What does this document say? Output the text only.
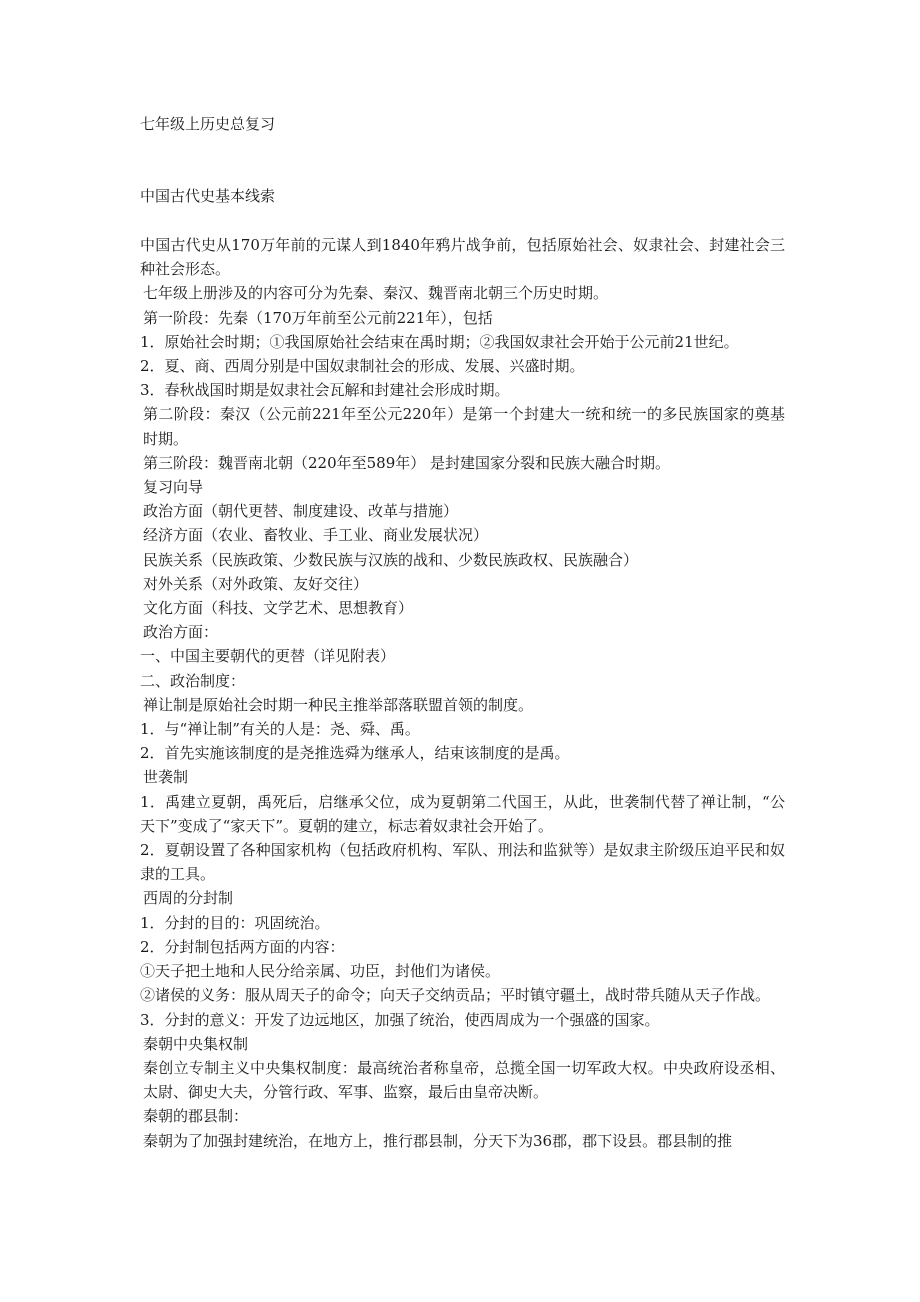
七年级上历史总复习
中国古代史基本线索

中国古代史从170万年前的元谋人到1840年鸦片战争前，包括原始社会、奴隶社会、封建社会三种社会形态。

七年级上册涉及的内容可分为先秦、秦汉、魏晋南北朝三个历史时期。

第一阶段：先秦（170万年前至公元前221年），包括

1．原始社会时期；①我国原始社会结束在禹时期；②我国奴隶社会开始于公元前21世纪。

2．夏、商、西周分别是中国奴隶制社会的形成、发展、兴盛时期。

3．春秋战国时期是奴隶社会瓦解和封建社会形成时期。

第二阶段：秦汉（公元前221年至公元220年）是第一个封建大一统和统一的多民族国家的奠基时期。

第三阶段：魏晋南北朝（220年至589年） 是封建国家分裂和民族大融合时期。

复习向导

政治方面（朝代更替、制度建设、改革与措施）

经济方面（农业、畜牧业、手工业、商业发展状况）

民族关系（民族政策、少数民族与汉族的战和、少数民族政权、民族融合）

对外关系（对外政策、友好交往）

文化方面（科技、文学艺术、思想教育）

政治方面：

一、中国主要朝代的更替（详见附表）

二、政治制度：

禅让制是原始社会时期一种民主推举部落联盟首领的制度。

1．与“禅让制”有关的人是：尧、舜、禹。

2．首先实施该制度的是尧推选舜为继承人，结束该制度的是禹。

世袭制

1．禹建立夏朝，禹死后，启继承父位，成为夏朝第二代国王，从此，世袭制代替了禅让制，“公天下”变成了“家天下”。夏朝的建立，标志着奴隶社会开始了。

2．夏朝设置了各种国家机构（包括政府机构、军队、刑法和监狱等）是奴隶主阶级压迫平民和奴隶的工具。

西周的分封制

1．分封的目的：巩固统治。

2．分封制包括两方面的内容：

①天子把土地和人民分给亲属、功臣，封他们为诸侯。

②诸侯的义务：服从周天子的命令；向天子交纳贡品；平时镇守疆土，战时带兵随从天子作战。

3．分封的意义：开发了边远地区，加强了统治，使西周成为一个强盛的国家。

秦朝中央集权制

秦创立专制主义中央集权制度：最高统治者称皇帝，总揽全国一切军政大权。中央政府设丞相、太尉、御史大夫，分管行政、军事、监察，最后由皇帝决断。

秦朝的郡县制：

秦朝为了加强封建统治，在地方上，推行郡县制，分天下为36郡，郡下设县。郡县制的推
